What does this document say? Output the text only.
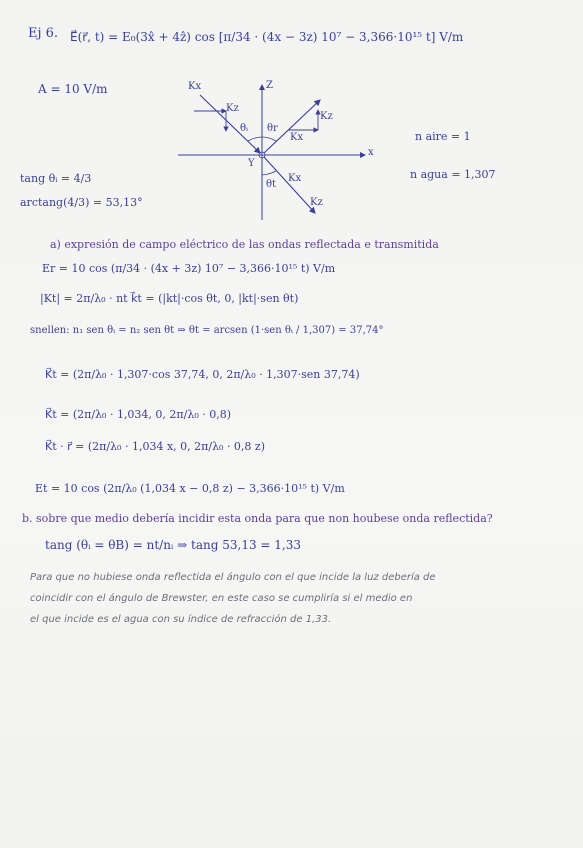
Ej 6. E⃗(r⃗, t) = E₀(3x̂ + 4ẑ) cos [π/34 · (4x − 3z) 10⁷ − 3,366·10¹⁵ t] V/m
A = 10 V/m	Kx
Kz
Kz
Kx
Z
x
Y
θᵢ θr
θt
Kx
Kz
n aire = 1
n agua = 1,307
tang θᵢ = 4/3
arctang(4/3) = 53,13°
a) expresión de campo eléctrico de las ondas reflectada e transmitida
Er = 10 cos (π/34 · (4x + 3z) 10⁷ − 3,366·10¹⁵ t) V/m
|Kt| = 2π/λ₀ · nt k⃗t = (|kt|·cos θt, 0, |kt|·sen θt)
snellen: n₁ sen θᵢ = n₂ sen θt ⇒ θt = arcsen (1·sen θᵢ / 1,307) = 37,74°
K⃗t = (2π/λ₀ · 1,307·cos 37,74, 0, 2π/λ₀ · 1,307·sen 37,74)
K⃗t = (2π/λ₀ · 1,034, 0, 2π/λ₀ · 0,8)
K⃗t · r⃗ = (2π/λ₀ · 1,034 x, 0, 2π/λ₀ · 0,8 z)
Et = 10 cos (2π/λ₀ (1,034 x − 0,8 z) − 3,366·10¹⁵ t) V/m
b. sobre que medio debería incidir esta onda para que non houbese onda reflectida?
tang (θᵢ = θB) = nt/nᵢ ⇒ tang 53,13 = 1,33
Para que no hubiese onda reflectida el ángulo con el que incide la luz debería de
coincidir con el ángulo de Brewster, en este caso se cumpliría si el medio en
el que incide es el agua con su índice de refracción de 1,33.
